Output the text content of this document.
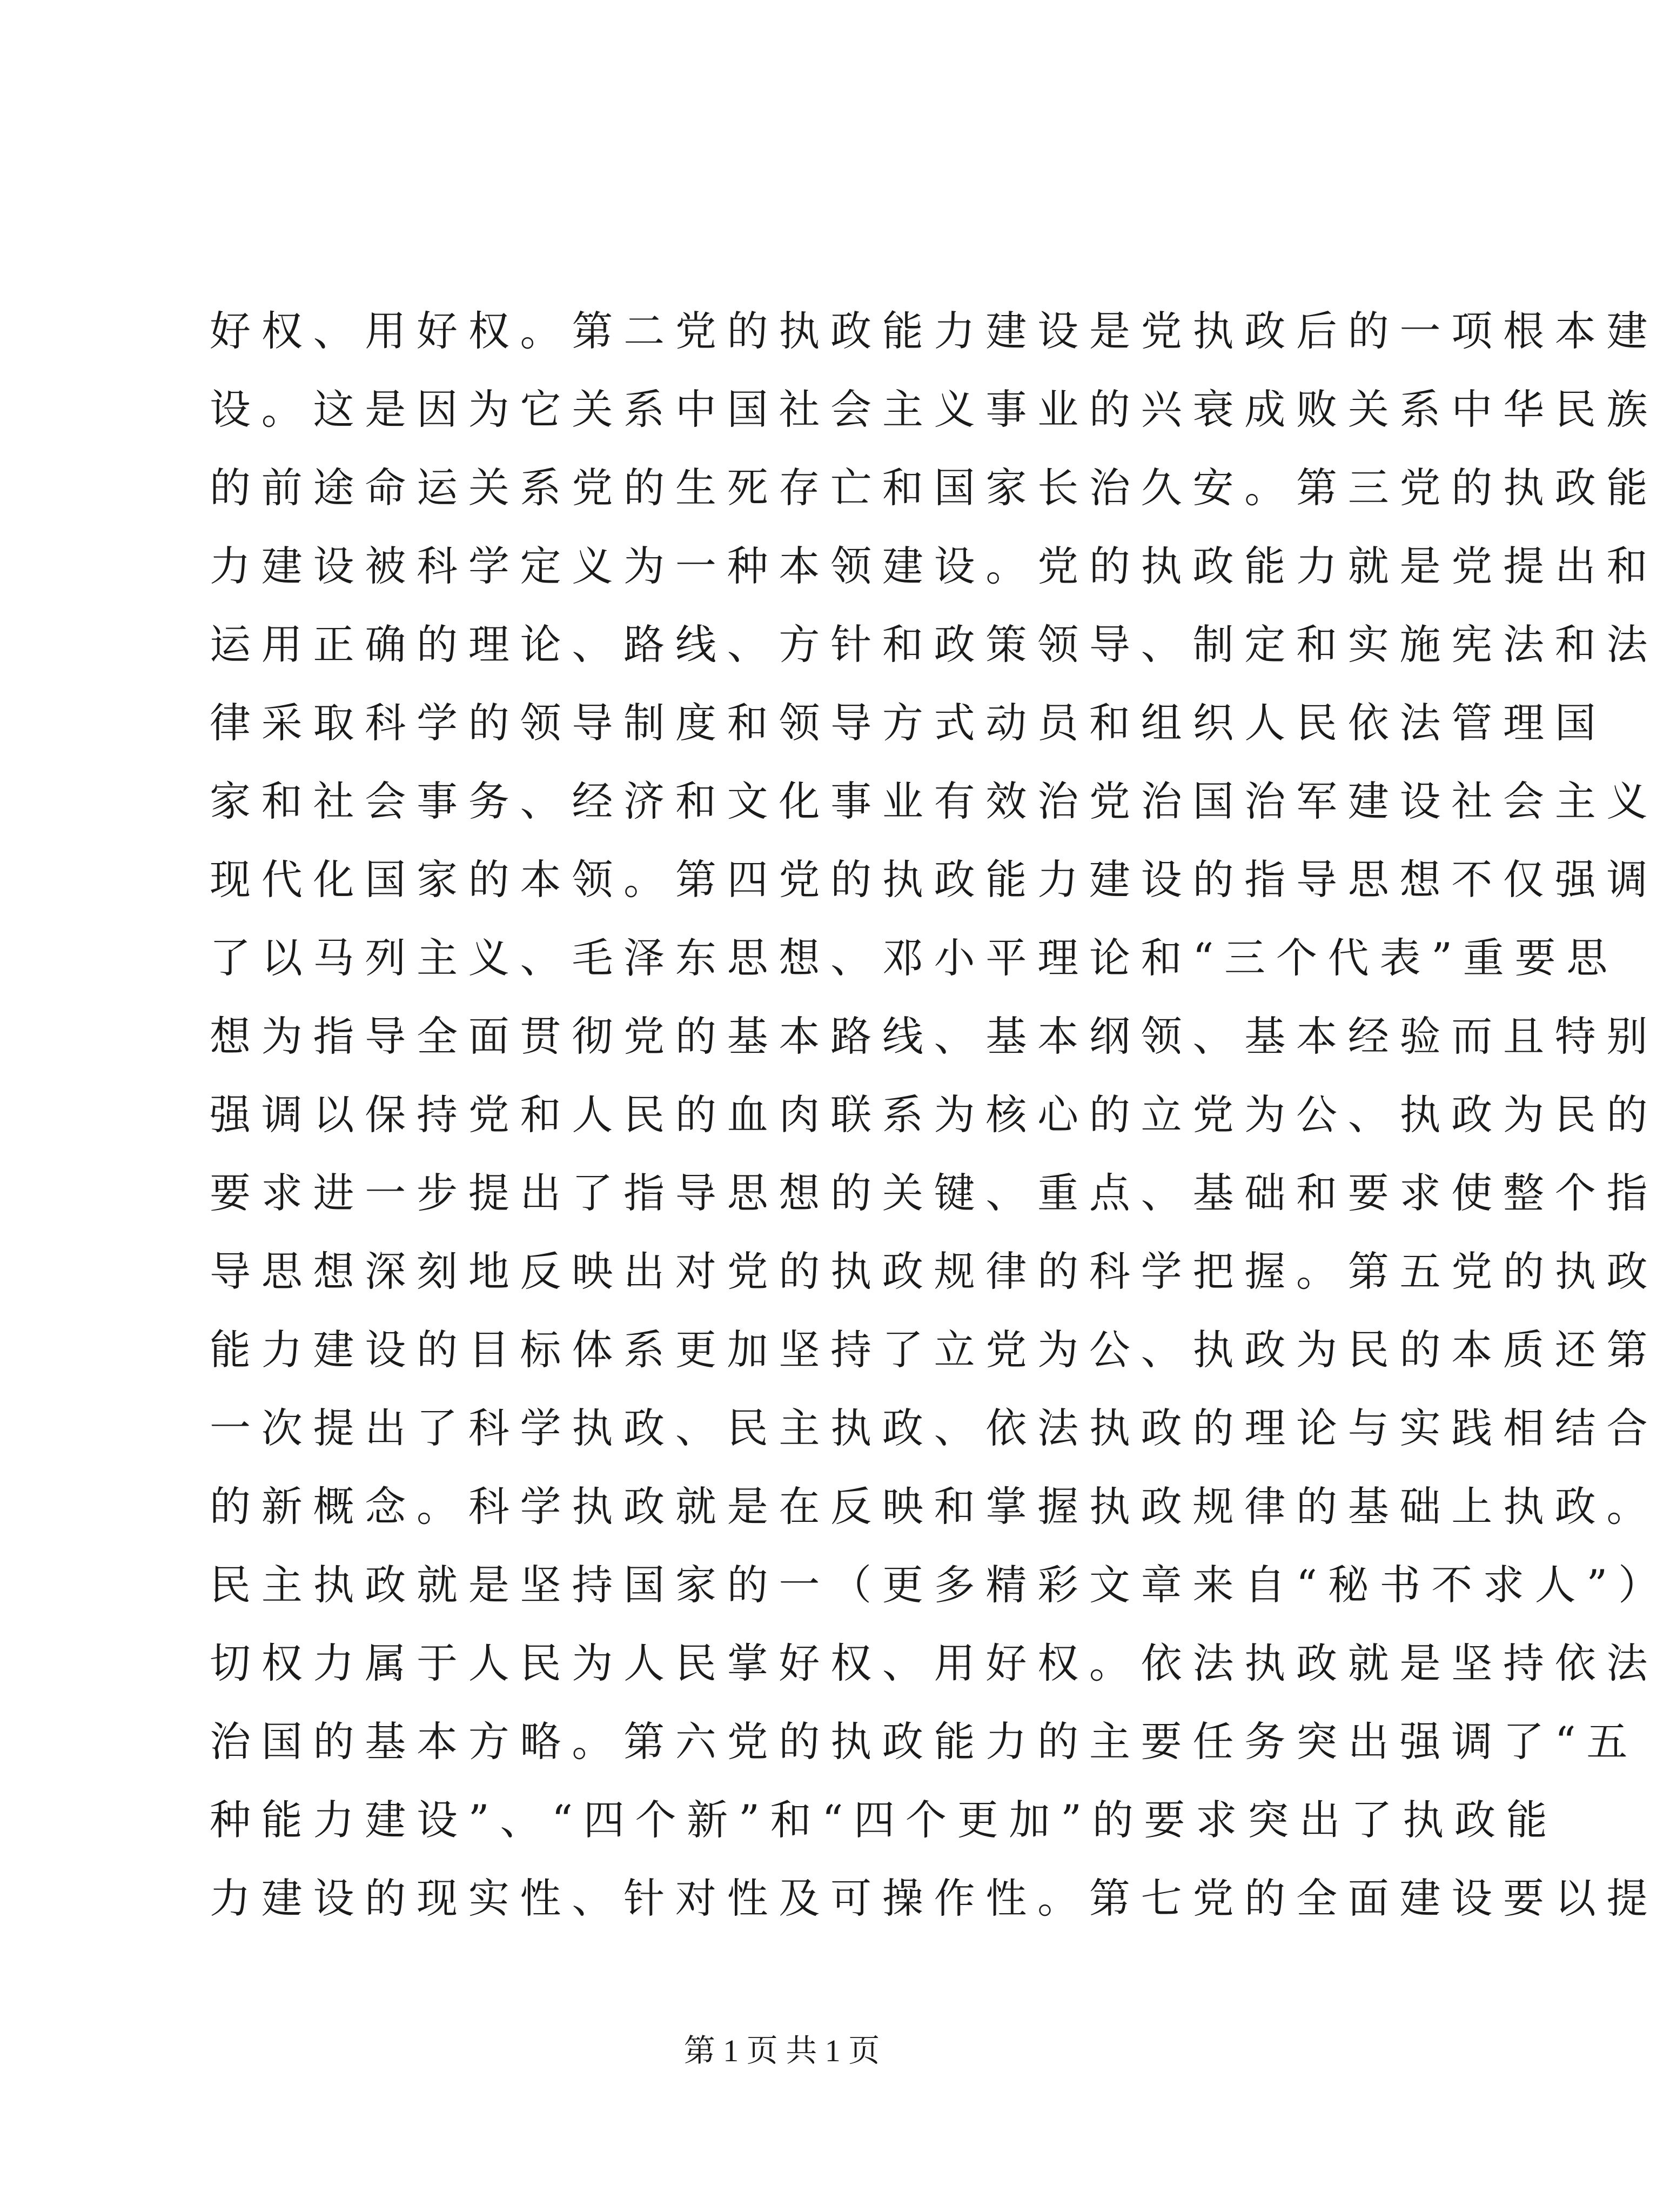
好权、用好权。第二党的执政能力建设是党执政后的一项根本建
设。这是因为它关系中国社会主义事业的兴衰成败关系中华民族
的前途命运关系党的生死存亡和国家长治久安。第三党的执政能
力建设被科学定义为一种本领建设。党的执政能力就是党提出和
运用正确的理论、路线、方针和政策领导、制定和实施宪法和法
律采取科学的领导制度和领导方式动员和组织人民依法管理国
家和社会事务、经济和文化事业有效治党治国治军建设社会主义
现代化国家的本领。第四党的执政能力建设的指导思想不仅强调
了以马列主义、毛泽东思想、邓小平理论和“三个代表”重要思
想为指导全面贯彻党的基本路线、基本纲领、基本经验而且特别
强调以保持党和人民的血肉联系为核心的立党为公、执政为民的
要求进一步提出了指导思想的关键、重点、基础和要求使整个指
导思想深刻地反映出对党的执政规律的科学把握。第五党的执政
能力建设的目标体系更加坚持了立党为公、执政为民的本质还第
一次提出了科学执政、民主执政、依法执政的理论与实践相结合
的新概念。科学执政就是在反映和掌握执政规律的基础上执政。
民主执政就是坚持国家的一（更多精彩文章来自“秘书不求人”）
切权力属于人民为人民掌好权、用好权。依法执政就是坚持依法
治国的基本方略。第六党的执政能力的主要任务突出强调了“五
种能力建设”、“四个新”和“四个更加”的要求突出了执政能
力建设的现实性、针对性及可操作性。第七党的全面建设要以提
第 1 页 共 1 页
